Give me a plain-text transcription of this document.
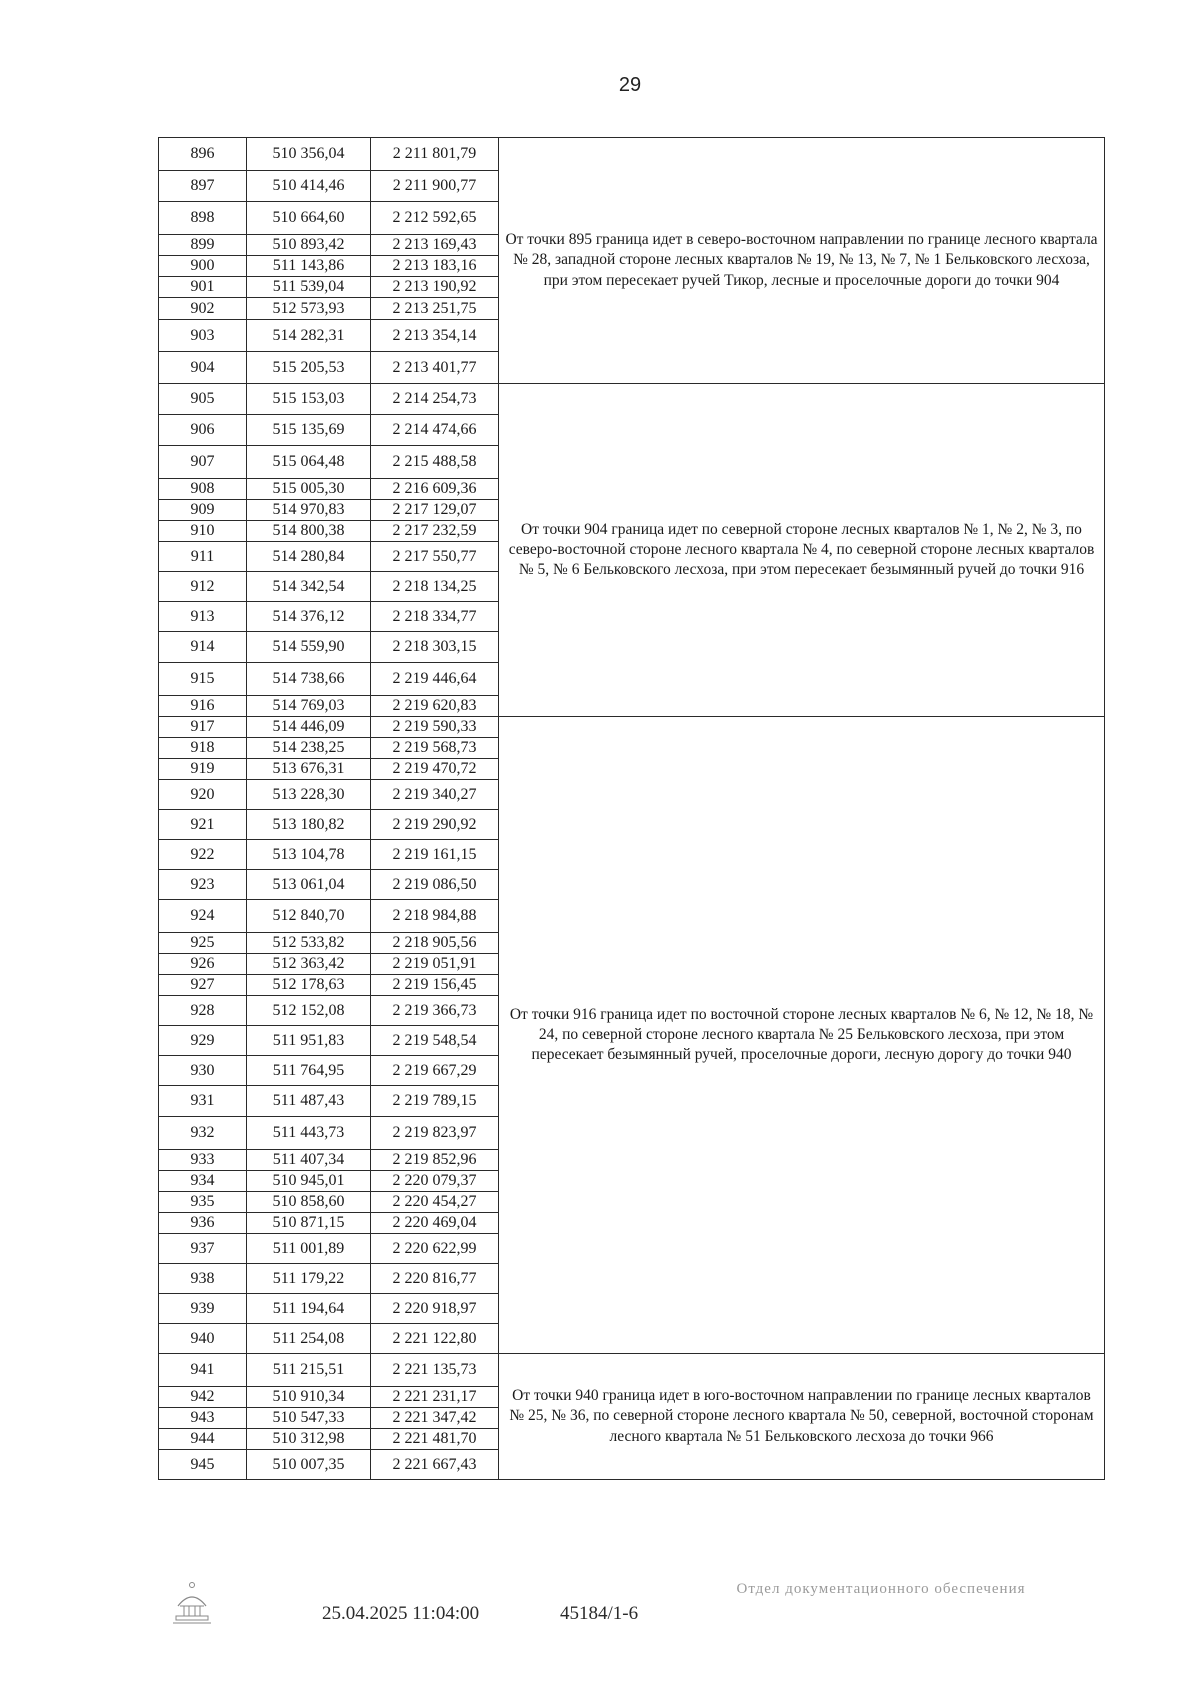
29
896	510 356,04	2 211 801,79	От точки 895 граница идет в северо-восточном направлении по границе лесного квартала № 28, западной стороне лесных кварталов № 19, № 13, № 7, № 1 Бельковского лесхоза, при этом пересекает ручей Тикор, лесные и проселочные дороги до точки 904
897	510 414,46	2 211 900,77	
898	510 664,60	2 212 592,65	
899	510 893,42	2 213 169,43	
900	511 143,86	2 213 183,16	
901	511 539,04	2 213 190,92	
902	512 573,93	2 213 251,75	
903	514 282,31	2 213 354,14	
904	515 205,53	2 213 401,77	
905	515 153,03	2 214 254,73	От точки 904 граница идет по северной стороне лесных кварталов № 1, № 2, № 3, по северо-восточной стороне лесного квартала № 4, по северной стороне лесных кварталов № 5, № 6 Бельковского лесхоза, при этом пересекает безымянный ручей до точки 916
906	515 135,69	2 214 474,66	
907	515 064,48	2 215 488,58	
908	515 005,30	2 216 609,36	
909	514 970,83	2 217 129,07	
910	514 800,38	2 217 232,59	
911	514 280,84	2 217 550,77	
912	514 342,54	2 218 134,25	
913	514 376,12	2 218 334,77	
914	514 559,90	2 218 303,15	
915	514 738,66	2 219 446,64	
916	514 769,03	2 219 620,83	
917	514 446,09	2 219 590,33	От точки 916 граница идет по восточной стороне лесных кварталов № 6, № 12, № 18, № 24, по северной стороне лесного квартала № 25 Бельковского лесхоза, при этом пересекает безымянный ручей, проселочные дороги, лесную дорогу до точки 940
918	514 238,25	2 219 568,73	
919	513 676,31	2 219 470,72	
920	513 228,30	2 219 340,27	
921	513 180,82	2 219 290,92	
922	513 104,78	2 219 161,15	
923	513 061,04	2 219 086,50	
924	512 840,70	2 218 984,88	
925	512 533,82	2 218 905,56	
926	512 363,42	2 219 051,91	
927	512 178,63	2 219 156,45	
928	512 152,08	2 219 366,73	
929	511 951,83	2 219 548,54	
930	511 764,95	2 219 667,29	
931	511 487,43	2 219 789,15	
932	511 443,73	2 219 823,97	
933	511 407,34	2 219 852,96	
934	510 945,01	2 220 079,37	
935	510 858,60	2 220 454,27	
936	510 871,15	2 220 469,04	
937	511 001,89	2 220 622,99	
938	511 179,22	2 220 816,77	
939	511 194,64	2 220 918,97	
940	511 254,08	2 221 122,80	
941	511 215,51	2 221 135,73	От точки 940 граница идет в юго-восточном направлении по границе лесных кварталов № 25, № 36, по северной стороне лесного квартала № 50, северной, восточной сторонам лесного квартала № 51 Бельковского лесхоза до точки 966
942	510 910,34	2 221 231,17	
943	510 547,33	2 221 347,42	
944	510 312,98	2 221 481,70	
945	510 007,35	2 221 667,43	
25.04.2025 11:04:00	45184/1-6
Отдел документационного обеспечения
